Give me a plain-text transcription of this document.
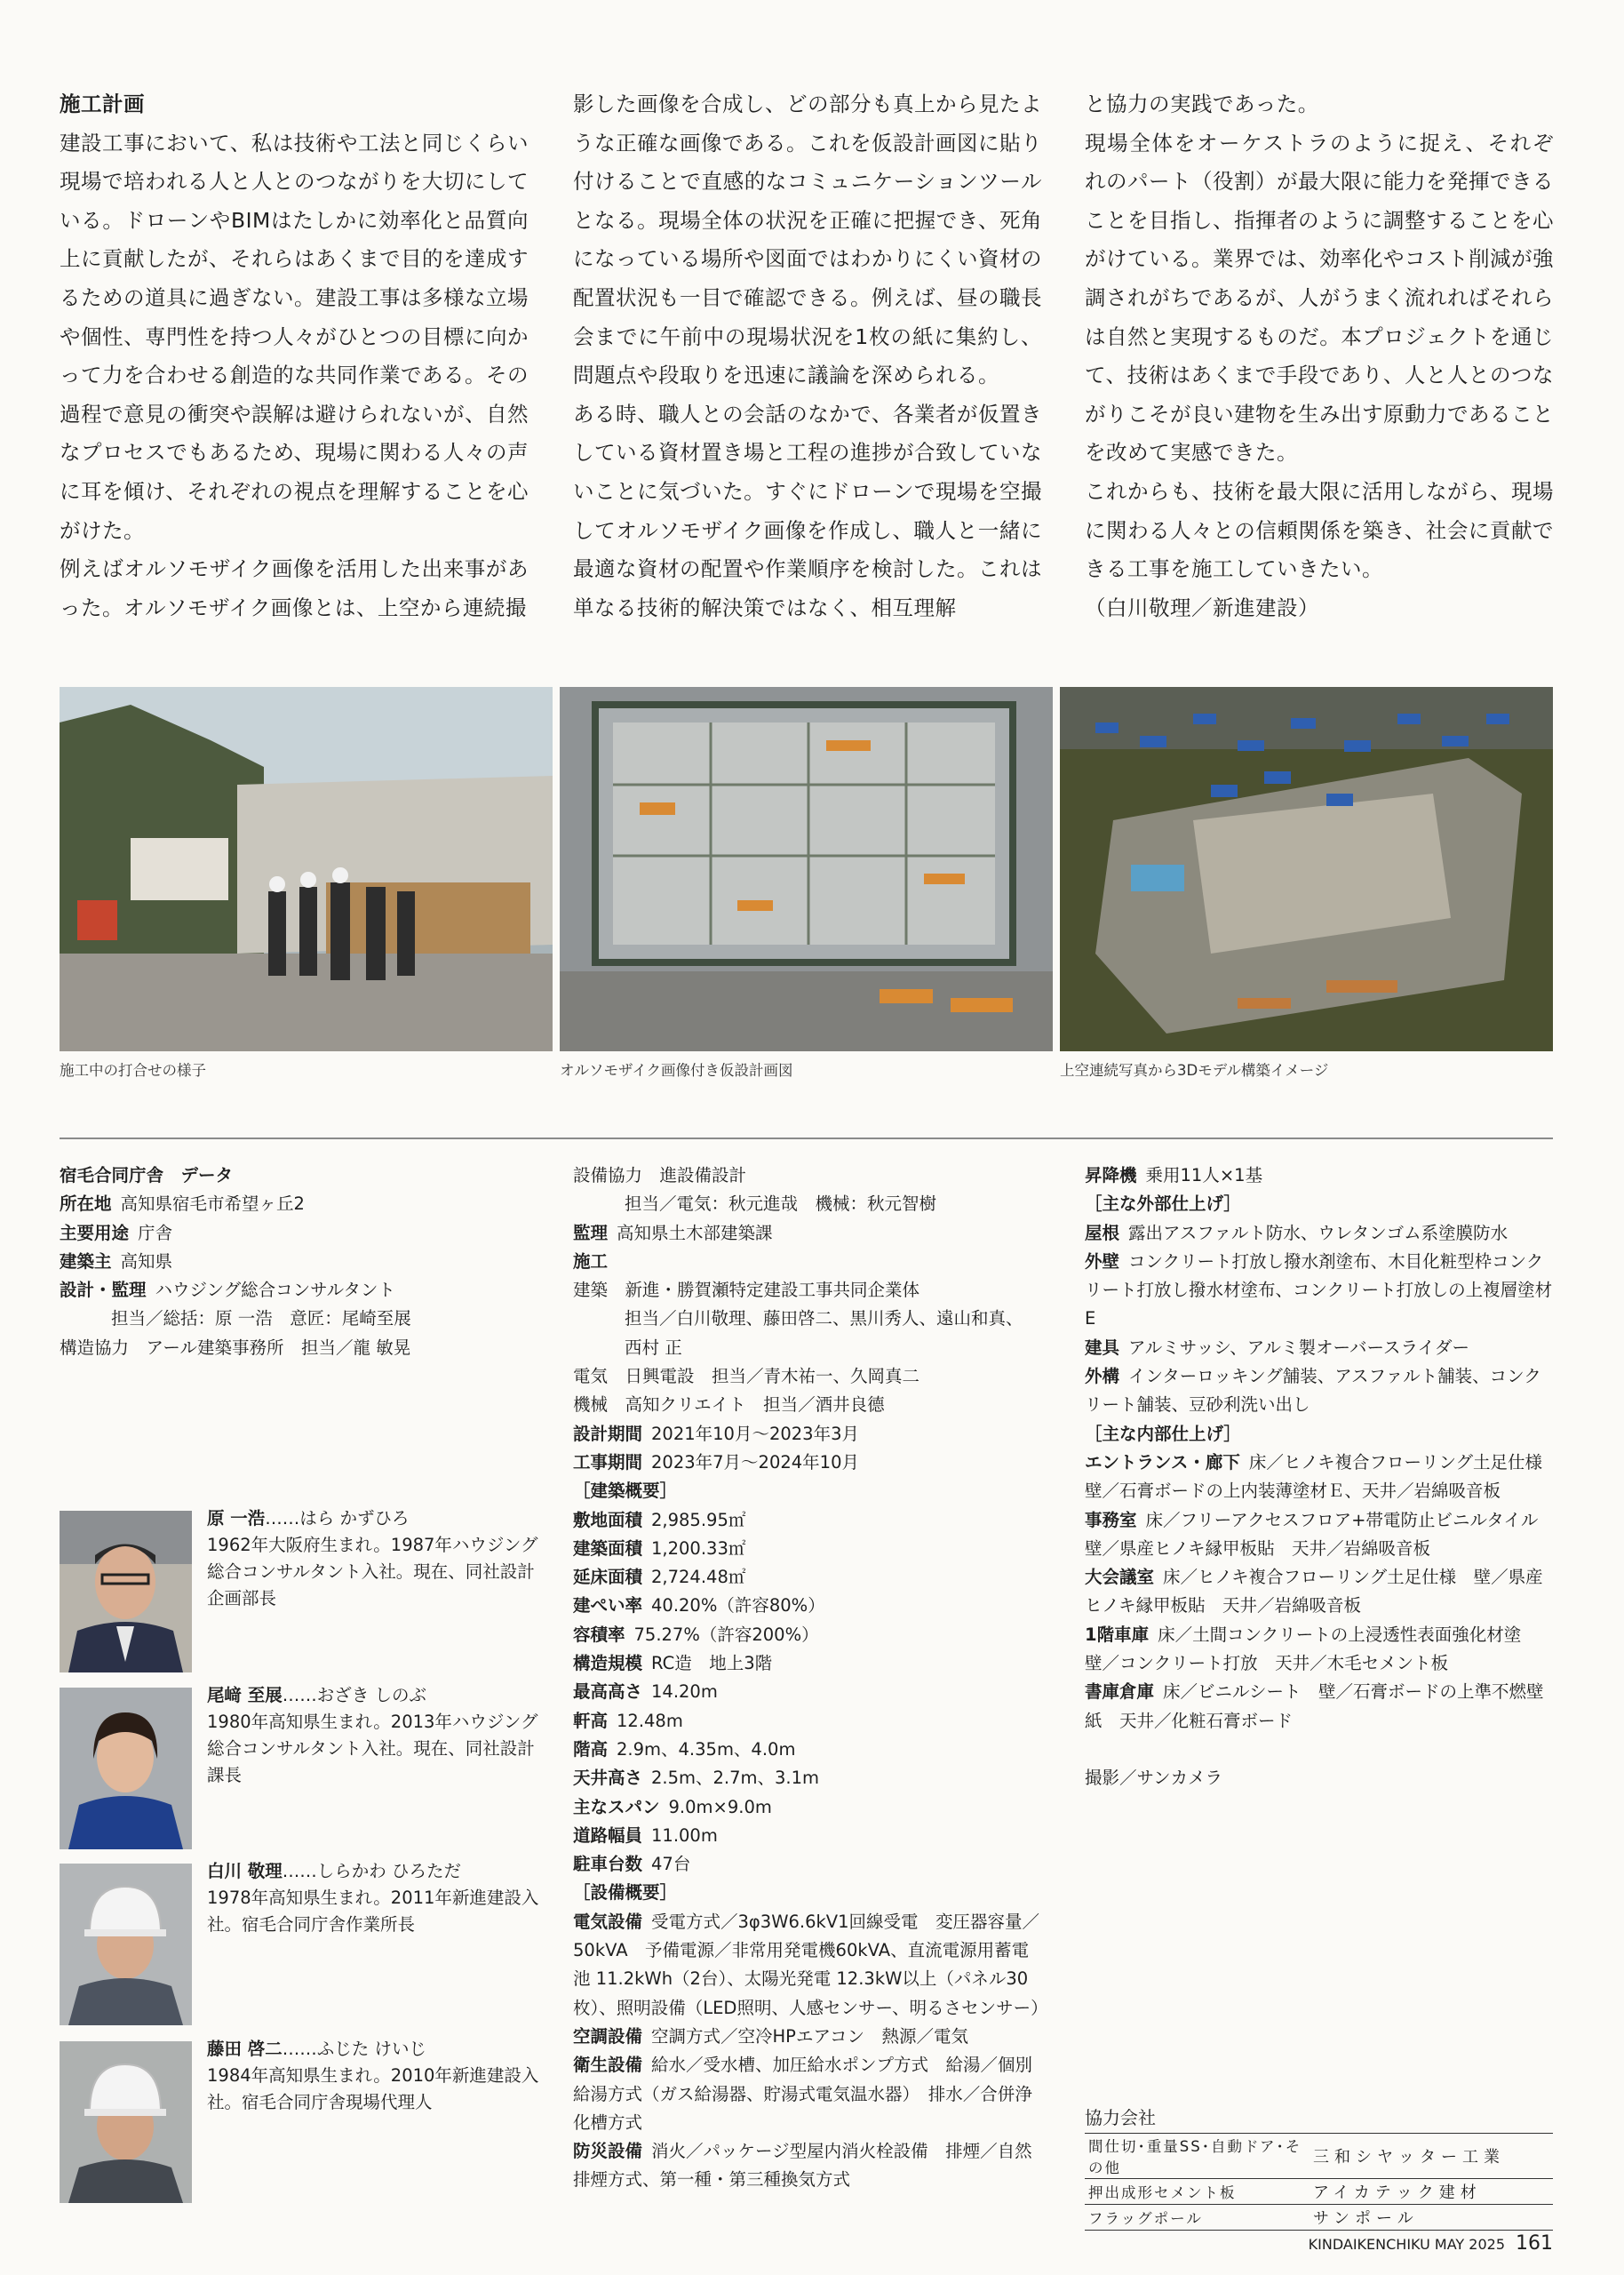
施工計画

建設工事において、私は技術や工法と同じくらい現場で培われる人と人とのつながりを大切にしている。ドローンやBIMはたしかに効率化と品質向上に貢献したが、それらはあくまで目的を達成するための道具に過ぎない。建設工事は多様な立場や個性、専門性を持つ人々がひとつの目標に向かって力を合わせる創造的な共同作業である。その過程で意見の衝突や誤解は避けられないが、自然なプロセスでもあるため、現場に関わる人々の声に耳を傾け、それぞれの視点を理解することを心がけた。

例えばオルソモザイク画像を活用した出来事があった。オルソモザイク画像とは、上空から連続撮

影した画像を合成し、どの部分も真上から見たような正確な画像である。これを仮設計画図に貼り付けることで直感的なコミュニケーションツールとなる。現場全体の状況を正確に把握でき、死角になっている場所や図面ではわかりにくい資材の配置状況も一目で確認できる。例えば、昼の職長会までに午前中の現場状況を1枚の紙に集約し、問題点や段取りを迅速に議論を深められる。

ある時、職人との会話のなかで、各業者が仮置きしている資材置き場と工程の進捗が合致していないことに気づいた。すぐにドローンで現場を空撮してオルソモザイク画像を作成し、職人と一緒に最適な資材の配置や作業順序を検討した。これは単なる技術的解決策ではなく、相互理解

と協力の実践であった。

現場全体をオーケストラのように捉え、それぞれのパート（役割）が最大限に能力を発揮できることを目指し、指揮者のように調整することを心がけている。業界では、効率化やコスト削減が強調されがちであるが、人がうまく流れればそれらは自然と実現するものだ。本プロジェクトを通じて、技術はあくまで手段であり、人と人とのつながりこそが良い建物を生み出す原動力であることを改めて実感できた。

これからも、技術を最大限に活用しながら、現場に関わる人々との信頼関係を築き、社会に貢献できる工事を施工していきたい。

（白川敬理／新進建設）

施工中の打合せの様子	オルソモザイク画像付き仮設計画図	上空連続写真から3Dモデル構築イメージ
宿毛合同庁舎　データ
所在地 高知県宿毛市希望ヶ丘2
主要用途 庁舎
建築主 高知県
設計・監理 ハウジング総合コンサルタント
担当／総括：原 一浩　意匠：尾崎至展
構造協力　アール建築事務所　担当／龍 敏晃
原 一浩……はら かずひろ
1962年大阪府生まれ。1987年ハウジング総合コンサルタント入社。現在、同社設計企画部長
尾﨑 至展……おざき しのぶ
1980年高知県生まれ。2013年ハウジング総合コンサルタント入社。現在、同社設計課長
白川 敬理……しらかわ ひろただ
1978年高知県生まれ。2011年新進建設入社。宿毛合同庁舎作業所長
藤田 啓二……ふじた けいじ
1984年高知県生まれ。2010年新進建設入社。宿毛合同庁舎現場代理人
設備協力　進設備設計
担当／電気：秋元進哉　機械：秋元智樹
監理 高知県土木部建築課
施工
建築　新進・勝賀瀬特定建設工事共同企業体
担当／白川敬理、藤田啓二、黒川秀人、遠山和真、
西村 正
電気　日興電設　担当／青木祐一、久岡真二
機械　高知クリエイト　担当／酒井良德
設計期間 2021年10月〜2023年3月
工事期間 2023年7月〜2024年10月
［建築概要］
敷地面積 2,985.95㎡
建築面積 1,200.33㎡
延床面積 2,724.48㎡
建ぺい率 40.20%（許容80%）
容積率 75.27%（許容200%）
構造規模 RC造　地上3階
最高高さ 14.20m
軒高 12.48m
階高 2.9m、4.35m、4.0m
天井高さ 2.5m、2.7m、3.1m
主なスパン 9.0m×9.0m
道路幅員 11.00m
駐車台数 47台
［設備概要］
電気設備 受電方式／3φ3W6.6kV1回線受電　変圧器容量／50kVA　予備電源／非常用発電機60kVA、直流電源用蓄電池 11.2kWh（2台）、太陽光発電 12.3kW以上（パネル30枚）、照明設備（LED照明、人感センサー、明るさセンサー）
空調設備 空調方式／空冷HPエアコン　熱源／電気
衛生設備 給水／受水槽、加圧給水ポンプ方式　給湯／個別給湯方式（ガス給湯器、貯湯式電気温水器）　排水／合併浄化槽方式
防災設備 消火／パッケージ型屋内消火栓設備　排煙／自然排煙方式、第一種・第三種換気方式
昇降機 乗用11人×1基
［主な外部仕上げ］
屋根 露出アスファルト防水、ウレタンゴム系塗膜防水
外壁 コンクリート打放し撥水剤塗布、木目化粧型枠コンクリート打放し撥水材塗布、コンクリート打放しの上複層塗材E
建具 アルミサッシ、アルミ製オーバースライダー
外構 インターロッキング舗装、アスファルト舗装、コンクリート舗装、豆砂利洗い出し
［主な内部仕上げ］
エントランス・廊下 床／ヒノキ複合フローリング土足仕様　壁／石膏ボードの上内装薄塗材Ｅ、天井／岩綿吸音板
事務室 床／フリーアクセスフロア+帯電防止ビニルタイル　壁／県産ヒノキ縁甲板貼　天井／岩綿吸音板
大会議室 床／ヒノキ複合フローリング土足仕様　壁／県産ヒノキ縁甲板貼　天井／岩綿吸音板
1階車庫 床／土間コンクリートの上浸透性表面強化材塗　壁／コンクリート打放　天井／木毛セメント板
書庫倉庫 床／ビニルシート　壁／石膏ボードの上準不燃壁紙　天井／化粧石膏ボード
撮影／サンカメラ
協力会社
間仕切･重量SS･自動ドア･その他	三和シヤッター工業
押出成形セメント板	アイカテック建材
フラッグポール	サンポール
KINDAIKENCHIKU MAY 2025 161
